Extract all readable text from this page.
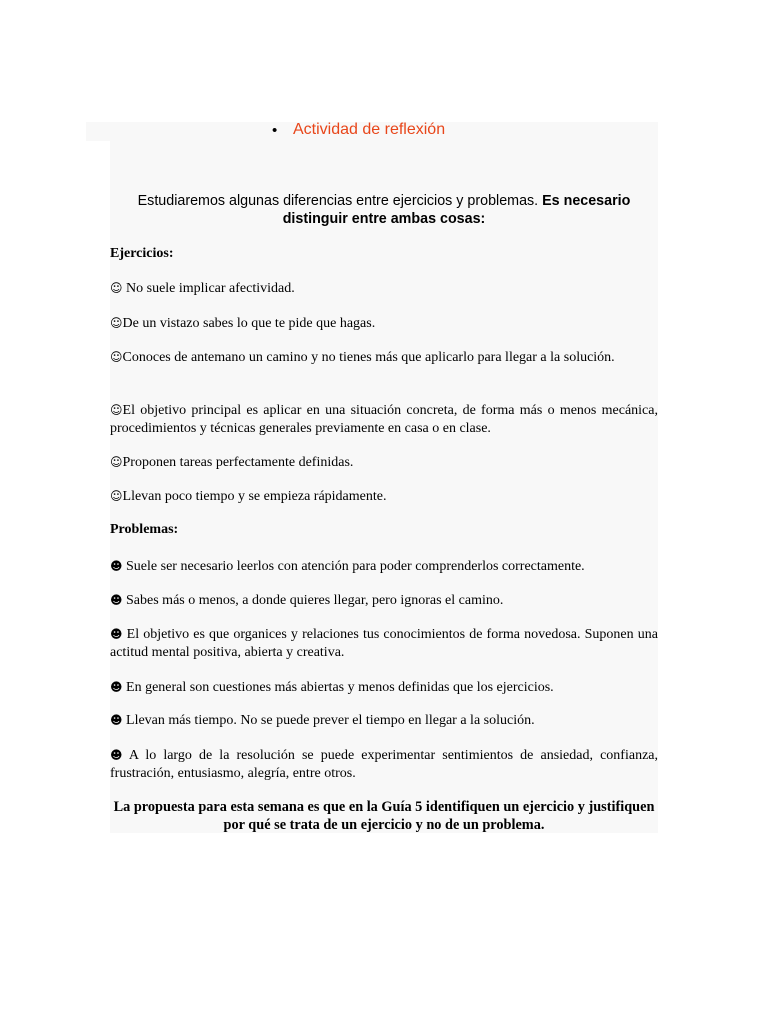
• Actividad de reflexión
Estudiaremos algunas diferencias entre ejercicios y problemas. Es necesario distinguir entre ambas cosas:
Ejercicios:
☺ No suele implicar afectividad.
☺De un vistazo sabes lo que te pide que hagas.
☺Conoces de antemano un camino y no tienes más que aplicarlo para llegar a la solución.
☺El objetivo principal es aplicar en una situación concreta, de forma más o menos mecánica, procedimientos y técnicas generales previamente en casa o en clase.
☺Proponen tareas perfectamente definidas.
☺Llevan poco tiempo y se empieza rápidamente.
Problemas:
☻ Suele ser necesario leerlos con atención para poder comprenderlos correctamente.
☻ Sabes más o menos, a donde quieres llegar, pero ignoras el camino.
☻ El objetivo es que organices y relaciones tus conocimientos de forma novedosa. Suponen una actitud mental positiva, abierta y creativa.
☻ En general son cuestiones más abiertas y menos definidas que los ejercicios.
☻ Llevan más tiempo. No se puede prever el tiempo en llegar a la solución.
☻ A lo largo de la resolución se puede experimentar sentimientos de ansiedad, confianza, frustración, entusiasmo, alegría, entre otros.
La propuesta para esta semana es que en la Guía 5 identifiquen un ejercicio y justifiquen por qué se trata de un ejercicio y no de un problema.
